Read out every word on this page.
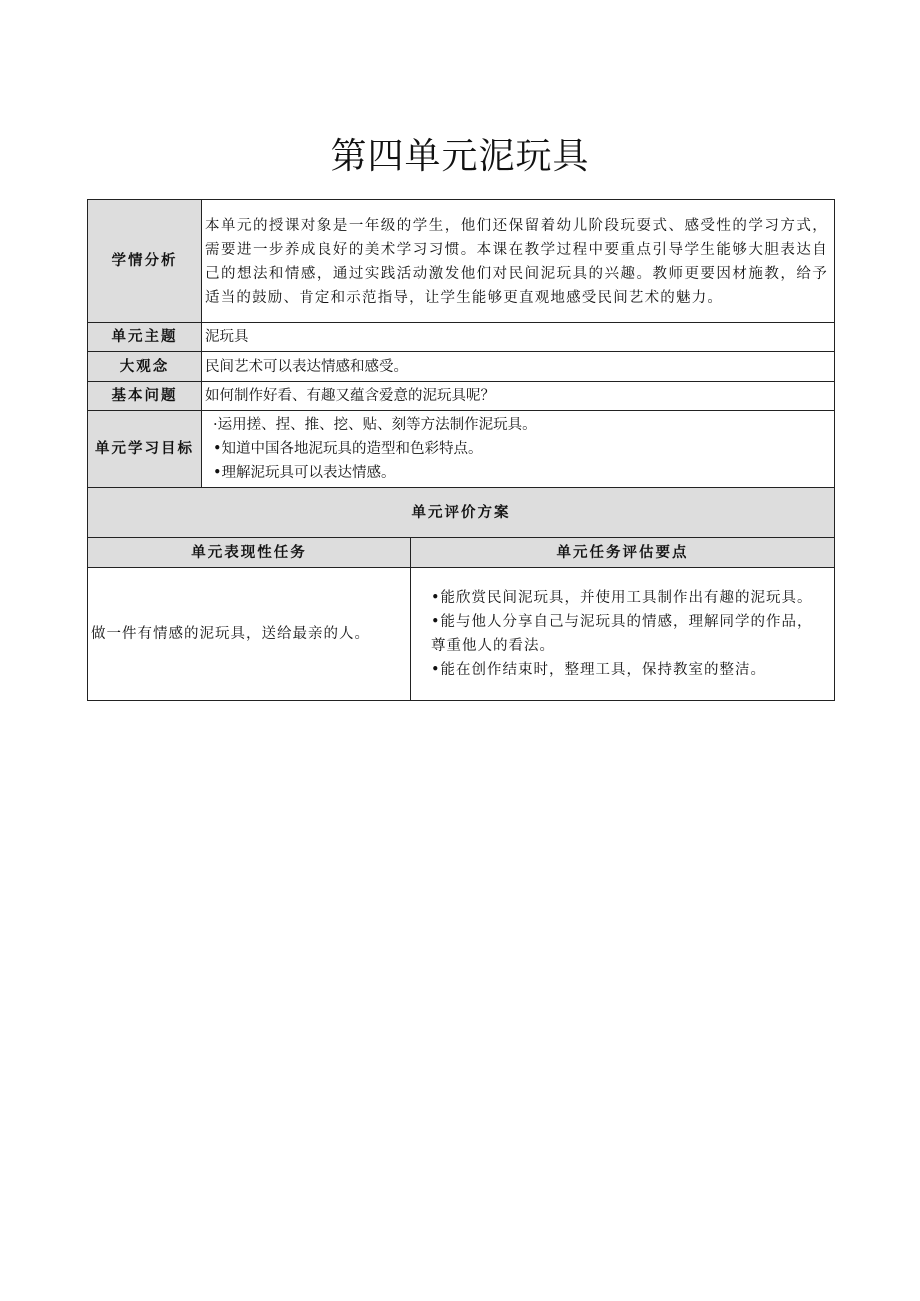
第四单元泥玩具
学情分析	本单元的授课对象是一年级的学生，他们还保留着幼儿阶段玩耍式、感受性的学习方式，需要进一步养成良好的美术学习习惯。本课在教学过程中要重点引导学生能够大胆表达自己的想法和情感，通过实践活动激发他们对民间泥玩具的兴趣。教师更要因材施教，给予适当的鼓励、肯定和示范指导，让学生能够更直观地感受民间艺术的魅力。	
单元主题	泥玩具	
大观念	民间艺术可以表达情感和感受。	
基本问题	如何制作好看、有趣又蕴含爱意的泥玩具呢？	
单元学习目标	·运用搓、捏、推、挖、贴、刻等方法制作泥玩具。
•知道中国各地泥玩具的造型和色彩特点。
•理解泥玩具可以表达情感。	

单元评价方案		
单元表现性任务		单元任务评估要点
做一件有情感的泥玩具，送给最亲的人。		•能欣赏民间泥玩具，并使用工具制作出有趣的泥玩具。
•能与他人分享自己与泥玩具的情感，理解同学的作品，尊重他人的看法。
•能在创作结束时，整理工具，保持教室的整洁。
